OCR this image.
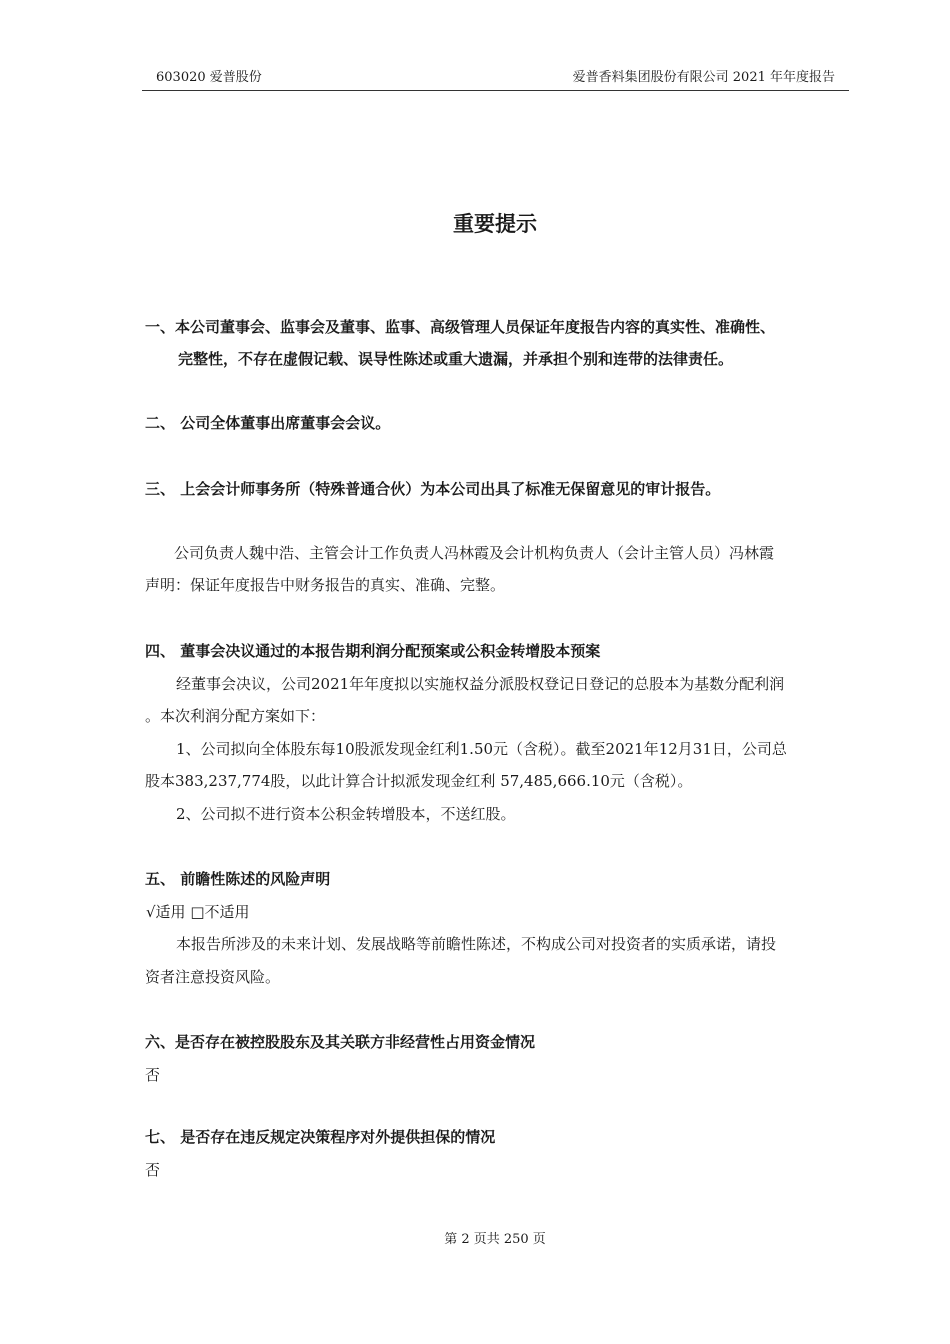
603020 爱普股份	爱普香料集团股份有限公司 2021 年年度报告
重要提示
一、本公司董事会、监事会及董事、监事、高级管理人员保证年度报告内容的真实性、准确性、
完整性，不存在虚假记载、误导性陈述或重大遗漏，并承担个别和连带的法律责任。
二、 公司全体董事出席董事会会议。
三、 上会会计师事务所（特殊普通合伙）为本公司出具了标准无保留意见的审计报告。
公司负责人魏中浩、主管会计工作负责人冯林霞及会计机构负责人（会计主管人员）冯林霞
声明：保证年度报告中财务报告的真实、准确、完整。
四、 董事会决议通过的本报告期利润分配预案或公积金转增股本预案
经董事会决议，公司2021年年度拟以实施权益分派股权登记日登记的总股本为基数分配利润
。本次利润分配方案如下：
1、公司拟向全体股东每10股派发现金红利1.50元（含税）。截至2021年12月31日，公司总
股本383,237,774股，以此计算合计拟派发现金红利 57,485,666.10元（含税）。
2、公司拟不进行资本公积金转增股本，不送红股。
五、 前瞻性陈述的风险声明
√适用 □不适用
本报告所涉及的未来计划、发展战略等前瞻性陈述，不构成公司对投资者的实质承诺，请投
资者注意投资风险。
六、是否存在被控股股东及其关联方非经营性占用资金情况
否
七、 是否存在违反规定决策程序对外提供担保的情况
否
第 2 页共 250 页
